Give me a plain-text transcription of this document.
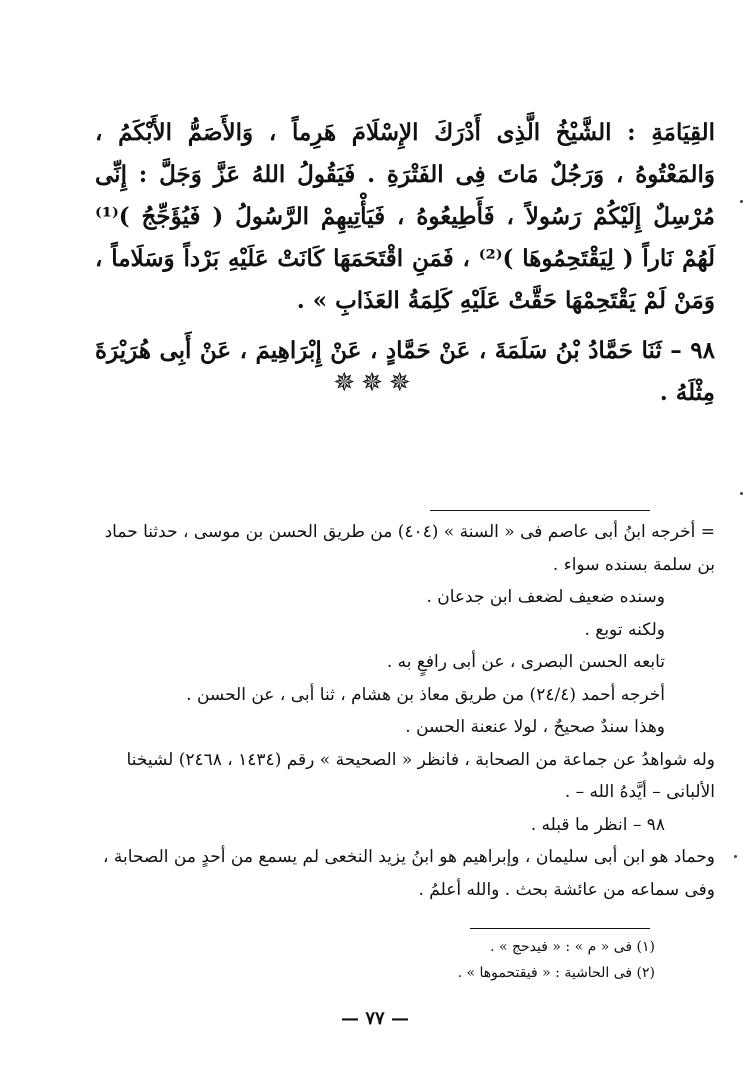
القِيَامَةِ : الشَّيْخُ الَّذِى أَدْرَكَ الإِسْلَامَ هَرِماً ، وَالأَصَمُّ الأَبْكَمُ ، وَالمَعْتُوهُ ، وَرَجُلٌ مَاتَ فِى الفَتْرَةِ . فَيَقُولُ اللهُ عَزَّ وَجَلَّ : إِنِّى مُرْسِلٌ إِلَيْكُمْ رَسُولاً ، فَأَطِيعُوهُ ، فَيَأْتِيهِمْ الرَّسُولُ ( فَيُؤَجِّجُ )⁽¹⁾ لَهُمْ نَاراً ( لِيَقْتَحِمُوهَا )⁽²⁾ ، فَمَنِ اقْتَحَمَهَا كَانَتْ عَلَيْهِ بَرْداً وَسَلَاماً ، وَمَنْ لَمْ يَقْتَحِمْهَا حَقَّتْ عَلَيْهِ كَلِمَةُ العَذَابِ » .

٩٨ – ثَنَا حَمَّادُ بْنُ سَلَمَةَ ، عَنْ حَمَّادٍ ، عَنْ إِبْرَاهِيمَ ، عَنْ أَبِى هُرَيْرَةَ مِثْلَهُ .

✵✵✵

= أخرجه ابنُ أبى عاصم فى « السنة » (٤٠٤) من طريق الحسن بن موسى ، حدثنا حماد بن سلمة بسنده سواء .

وسنده ضعيف لضعف ابن جدعان .

ولكنه توبع .

تابعه الحسن البصرى ، عن أبى رافعٍ به .

أخرجه أحمد (٢٤/٤) من طريق معاذ بن هشام ، ثنا أبى ، عن الحسن .

وهذا سندٌ صحيحٌ ، لولا عنعنة الحسن .

وله شواهدُ عن جماعة من الصحابة ، فانظر « الصحيحة » رقم (١٤٣٤ ، ٢٤٦٨) لشيخنا الألبانى – أيَّدهُ الله – .

٩٨ – انظر ما قبله .

وحماد هو ابن أبى سليمان ، وإبراهيم هو ابنُ يزيد النخعى لم يسمع من أحدٍ من الصحابة ، وفى سماعه من عائشة بحث . والله أعلمُ .

(١) فى « م » : « فيدحج » .

(٢) فى الحاشية : « فيقتحموها » .

— ٧٧ —
